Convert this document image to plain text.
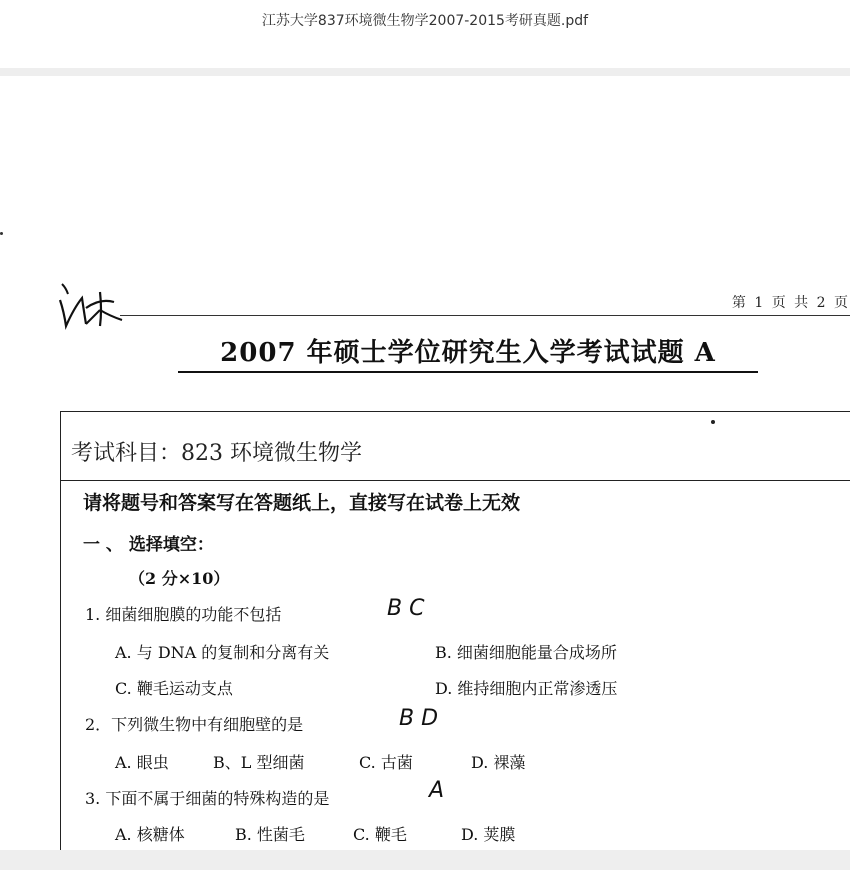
江苏大学837环境微生物学2007-2015考研真题.pdf
第 1 页 共 2 页
2007 年硕士学位研究生入学考试试题 A
考试科目：823 环境微生物学
请将题号和答案写在答题纸上，直接写在试卷上无效
一 、 选择填空：
（2 分×10）
1. 细菌细胞膜的功能不包括	B C
A. 与 DNA 的复制和分离有关	B. 细菌细胞能量合成场所
C. 鞭毛运动支点	D. 维持细胞内正常渗透压
2．下列微生物中有细胞壁的是	B D
A. 眼虫	B、L 型细菌	C. 古菌	D. 裸藻
3. 下面不属于细菌的特殊构造的是	A
A. 核糖体	B. 性菌毛	C. 鞭毛	D. 荚膜
